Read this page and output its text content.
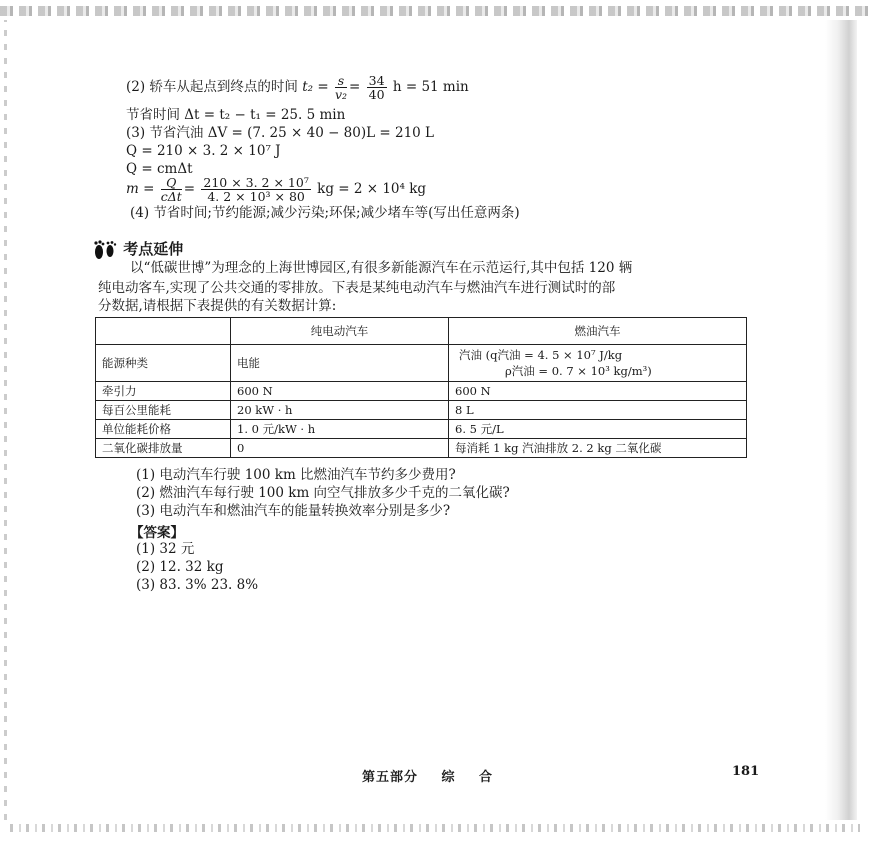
(2) 轿车从起点到终点的时间 $t_2 = \frac{s}{\text{v₂}} = \frac{34}{40}$ h = 51 min
节省时间 Δt = t₂ − t₁ = 25. 5 min
(3) 节省汽油 ΔV = (7. 25 × 40 − 80)L = 210 L
Q = 210 × 3. 2 × 10⁷ J
Q = cmΔt
$m = \frac{Q}{\text{cΔt}} = \frac{\text{210 × 3. 2 × 10⁷}}{\text{4. 2 × 10³ × 80}}$ kg = 2 × 10⁴ kg
(4) 节省时间;节约能源;减少污染;环保;减少堵车等(写出任意两条)
考点延伸
以“低碳世博”为理念的上海世博园区,有很多新能源汽车在示范运行,其中包括 120 辆
纯电动客车,实现了公共交通的零排放。下表是某纯电动汽车与燃油汽车进行测试时的部
分数据,请根据下表提供的有关数据计算:
	纯电动汽车	燃油汽车
能源种类	电能	汽油 (q汽油 = 4. 5 × 10⁷ J/kg
ρ汽油 = 0. 7 × 10³ kg/m³)

牵引力	600 N	600 N
每百公里能耗	20 kW · h	8 L
单位能耗价格	1. 0 元/kW · h	6. 5 元/L
二氧化碳排放量	0	每消耗 1 kg 汽油排放 2. 2 kg 二氧化碳
(1) 电动汽车行驶 100 km 比燃油汽车节约多少费用?
(2) 燃油汽车每行驶 100 km 向空气排放多少千克的二氧化碳?
(3) 电动汽车和燃油汽车的能量转换效率分别是多少?
【答案】
(1) 32 元
(2) 12. 32 kg
(3) 83. 3% 23. 8%
第五部分 综 合	181
